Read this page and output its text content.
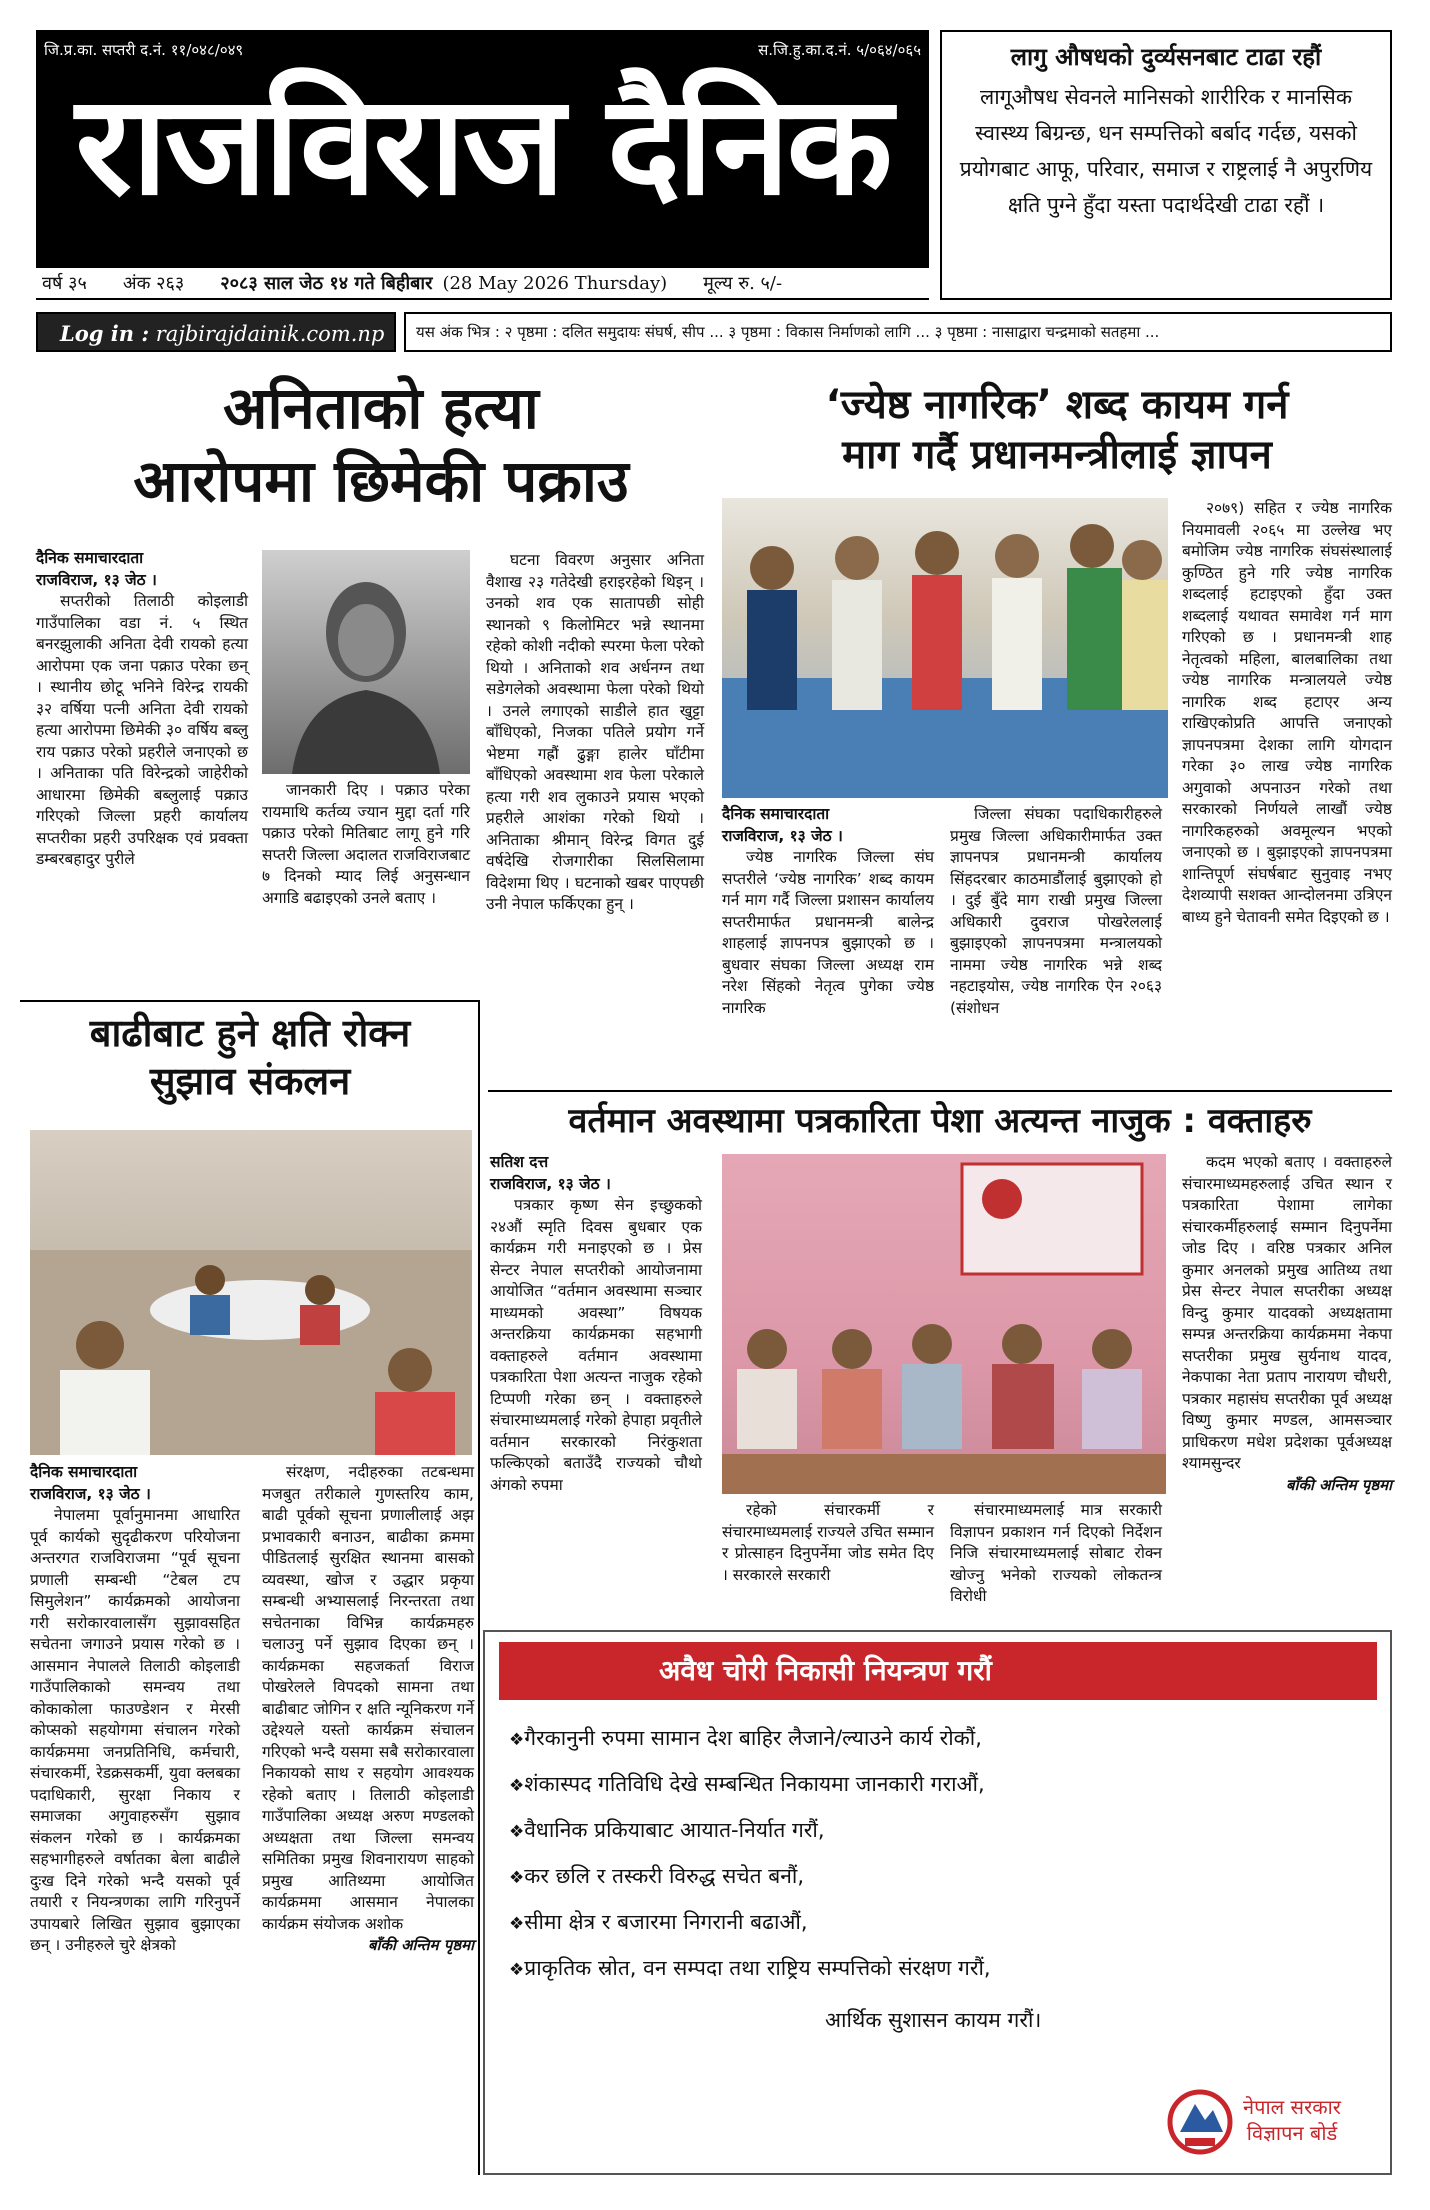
जि.प्र.का. सप्तरी द.नं. ११/०४८/०४९	स.जि.हु.का.द.नं. ५/०६४/०६५
राजविराज दैनिक
वर्ष ३५ अंक २६३ २०८३ साल जेठ १४ गते बिहीबार (28 May 2026 Thursday) मूल्य रु. ५/-
लागु औषधको दुर्व्यसनबाट टाढा रहौं

लागूऔषध सेवनले मानिसको शारीरिक र मानसिक स्वास्थ्य बिग्रन्छ, धन सम्पत्तिको बर्बाद गर्दछ, यसको प्रयोगबाट आफू, परिवार, समाज र राष्ट्रलाई नै अपुरणिय क्षति पुग्ने हुँदा यस्ता पदार्थदेखी टाढा रहौं ।

Log in : rajbirajdainik.com.np	यस अंक भित्र : २ पृष्ठमा : दलित समुदायः संघर्ष, सीप ... ३ पृष्ठमा : विकास निर्माणको लागि ... ३ पृष्ठमा : नासाद्वारा चन्द्रमाको सतहमा ...

अनिताको हत्या

आरोपमा छिमेकी पक्राउ

दैनिक समाचारदाता

राजविराज, १३ जेठ ।

सप्तरीको तिलाठी कोइलाडी गाउँपालिका वडा नं. ५ स्थित बनरझुलाकी अनिता देवी रायको हत्या आरोपमा एक जना पक्राउ परेका छन् । स्थानीय छोटू भनिने विरेन्द्र रायकी ३२ वर्षिया पत्नी अनिता देवी रायको हत्या आरोपमा छिमेकी ३० वर्षिय बब्लु राय पक्राउ परेको प्रहरीले जनाएको छ । अनिताका पति विरेन्द्रको जाहेरीको आधारमा छिमेकी बब्लुलाई पक्राउ गरिएको जिल्ला प्रहरी कार्यालय सप्तरीका प्रहरी उपरिक्षक एवं प्रवक्ता डम्बरबहादुर पुरीले

जानकारी दिए । पक्राउ परेका रायमाथि कर्तव्य ज्यान मुद्दा दर्ता गरि पक्राउ परेको मितिबाट लागू हुने गरि सप्तरी जिल्ला अदालत राजविराजबाट ७ दिनको म्याद लिई अनुसन्धान अगाडि बढाइएको उनले बताए ।

घटना विवरण अनुसार अनिता वैशाख २३ गतेदेखी हराइरहेको थिइन् । उनको शव एक सातापछी सोही स्थानको ९ किलोमिटर भन्ने स्थानमा रहेको कोशी नदीको स्परमा फेला परेको थियो । अनिताको शव अर्धनग्न तथा सडेगलेको अवस्थामा फेला परेको थियो । उनले लगाएको साडीले हात खुट्टा बाँधिएको, निजका पतिले प्रयोग गर्ने भेष्टमा गह्रौं ढुङ्गा हालेर घाँटीमा बाँधिएको अवस्थामा शव फेला परेकाले हत्या गरी शव लुकाउने प्रयास भएको प्रहरीले आशंका गरेको थियो । अनिताका श्रीमान् विरेन्द्र विगत दुई वर्षदेखि रोजगारीका सिलसिलामा विदेशमा थिए । घटनाको खबर पाएपछी उनी नेपाल फर्किएका हुन् ।

‘ज्येष्ठ नागरिक’ शब्द कायम गर्न

माग गर्दै प्रधानमन्त्रीलाई ज्ञापन

दैनिक समाचारदाता

राजविराज, १३ जेठ ।

ज्येष्ठ नागरिक जिल्ला संघ सप्तरीले ‘ज्येष्ठ नागरिक’ शब्द कायम गर्न माग गर्दै जिल्ला प्रशासन कार्यालय सप्तरीमार्फत प्रधानमन्त्री बालेन्द्र शाहलाई ज्ञापनपत्र बुझाएको छ । बुधवार संघका जिल्ला अध्यक्ष राम नरेश सिंहको नेतृत्व पुगेका ज्येष्ठ नागरिक

जिल्ला संघका पदाधिकारीहरुले प्रमुख जिल्ला अधिकारीमार्फत उक्त ज्ञापनपत्र प्रधानमन्त्री कार्यालय सिंहदरबार काठमाडौंलाई बुझाएको हो । दुई बुँदे माग राखी प्रमुख जिल्ला अधिकारी दुवराज पोखरेललाई बुझाइएको ज्ञापनपत्रमा मन्त्रालयको नाममा ज्येष्ठ नागरिक भन्ने शब्द नहटाइयोस, ज्येष्ठ नागरिक ऐन २०६३ (संशोधन

२०७९) सहित र ज्येष्ठ नागरिक नियमावली २०६५ मा उल्लेख भए बमोजिम ज्येष्ठ नागरिक संघसंस्थालाई कुण्ठित हुने गरि ज्येष्ठ नागरिक शब्दलाई हटाइएको हुँदा उक्त शब्दलाई यथावत समावेश गर्न माग गरिएको छ । प्रधानमन्त्री शाह नेतृत्वको महिला, बालबालिका तथा ज्येष्ठ नागरिक मन्त्रालयले ज्येष्ठ नागरिक शब्द हटाएर अन्य राखिएकोप्रति आपत्ति जनाएको ज्ञापनपत्रमा देशका लागि योगदान गरेका ३० लाख ज्येष्ठ नागरिक अगुवाको अपनाउन गरेको तथा सरकारको निर्णयले लाखौं ज्येष्ठ नागरिकहरुको अवमूल्यन भएको जनाएको छ । बुझाइएको ज्ञापनपत्रमा शान्तिपूर्ण संघर्षबाट सुनुवाइ नभए देशव्यापी सशक्त आन्दोलनमा उत्रिएन बाध्य हुने चेतावनी समेत दिइएको छ ।

बाढीबाट हुने क्षति रोक्न

सुझाव संकलन

दैनिक समाचारदाता

राजविराज, १३ जेठ ।

नेपालमा पूर्वानुमानमा आधारित पूर्व कार्यको सुदृढीकरण परियोजना अन्तरगत राजविराजमा “पूर्व सूचना प्रणाली सम्बन्धी “टेबल टप सिमुलेशन” कार्यक्रमको आयोजना गरी सरोकारवालासँग सुझावसहित सचेतना जगाउने प्रयास गरेको छ । आसमान नेपालले तिलाठी कोइलाडी गाउँपालिकाको समन्वय तथा कोकाकोला फाउण्डेशन र मेरसी कोप्सको सहयोगमा संचालन गरेको कार्यक्रममा जनप्रतिनिधि, कर्मचारी, संचारकर्मी, रेडक्रसकर्मी, युवा क्लबका पदाधिकारी, सुरक्षा निकाय र समाजका अगुवाहरुसँग सुझाव संकलन गरेको छ । कार्यक्रमका सहभागीहरुले वर्षातका बेला बाढीले दुःख दिने गरेको भन्दै यसको पूर्व तयारी र नियन्त्रणका लागि गरिनुपर्ने उपायबारे लिखित सुझाव बुझाएका छन् । उनीहरुले चुरे क्षेत्रको

संरक्षण, नदीहरुका तटबन्धमा मजबुत तरीकाले गुणस्तरिय काम, बाढी पूर्वको सूचना प्रणालीलाई अझ प्रभावकारी बनाउन, बाढीका क्रममा पीडितलाई सुरक्षित स्थानमा बासको व्यवस्था, खोज र उद्धार प्रकृया सम्बन्धी अभ्यासलाई निरन्तरता तथा सचेतनाका विभिन्न कार्यक्रमहरु चलाउनु पर्ने सुझाव दिएका छन् । कार्यक्रमका सहजकर्ता विराज पोखरेलले विपदको सामना तथा बाढीबाट जोगिन र क्षति न्यूनिकरण गर्ने उद्देश्यले यस्तो कार्यक्रम संचालन गरिएको भन्दै यसमा सबै सरोकारवाला निकायको साथ र सहयोग आवश्यक रहेको बताए । तिलाठी कोइलाडी गाउँपालिका अध्यक्ष अरुण मण्डलको अध्यक्षता तथा जिल्ला समन्वय समितिका प्रमुख शिवनारायण साहको प्रमुख आतिथ्यमा आयोजित कार्यक्रममा आसमान नेपालका कार्यक्रम संयोजक अशोक

बाँकी अन्तिम पृष्ठमा

वर्तमान अवस्थामा पत्रकारिता पेशा अत्यन्त नाजुक : वक्ताहरु

सतिश दत्त

राजविराज, १३ जेठ ।

पत्रकार कृष्ण सेन इच्छुकको २४औं स्मृति दिवस बुधबार एक कार्यक्रम गरी मनाइएको छ । प्रेस सेन्टर नेपाल सप्तरीको आयोजनामा आयोजित “वर्तमान अवस्थामा सञ्चार माध्यमको अवस्था” विषयक अन्तरक्रिया कार्यक्रमका सहभागी वक्ताहरुले वर्तमान अवस्थामा पत्रकारिता पेशा अत्यन्त नाजुक रहेको टिप्पणी गरेका छन् । वक्ताहरुले संचारमाध्यमलाई गरेको हेपाहा प्रवृतीले वर्तमान सरकारको निरंकुशता फल्किएको बताउँदै राज्यको चौथो अंगको रुपमा

रहेको संचारकर्मी र संचारमाध्यमलाई राज्यले उचित सम्मान र प्रोत्साहन दिनुपर्नेमा जोड समेत दिए । सरकारले सरकारी

संचारमाध्यमलाई मात्र सरकारी विज्ञापन प्रकाशन गर्न दिएको निर्देशन निजि संचारमाध्यमलाई सोबाट रोक्न खोज्नु भनेको राज्यको लोकतन्त्र विरोधी

कदम भएको बताए । वक्ताहरुले संचारमाध्यमहरुलाई उचित स्थान र पत्रकारिता पेशामा लागेका संचारकर्मीहरुलाई सम्मान दिनुपर्नेमा जोड दिए । वरिष्ठ पत्रकार अनिल कुमार अनलको प्रमुख आतिथ्य तथा प्रेस सेन्टर नेपाल सप्तरीका अध्यक्ष विन्दु कुमार यादवको अध्यक्षतामा सम्पन्न अन्तरक्रिया कार्यक्रममा नेकपा सप्तरीका प्रमुख सुर्यनाथ यादव, नेकपाका नेता प्रताप नारायण चौधरी, पत्रकार महासंघ सप्तरीका पूर्व अध्यक्ष विष्णु कुमार मण्डल, आमसञ्चार प्राधिकरण मधेश प्रदेशका पूर्वअध्यक्ष श्यामसुन्दर

बाँकी अन्तिम पृष्ठमा
अवैध चोरी निकासी नियन्त्रण गरौं
❖ गैरकानुनी रुपमा सामान देश बाहिर लैजाने/ल्याउने कार्य रोकौं,
❖ शंकास्पद गतिविधि देखे सम्बन्धित निकायमा जानकारी गराऔं,
❖ वैधानिक प्रकियाबाट आयात-निर्यात गरौं,
❖ कर छलि र तस्करी विरुद्ध सचेत बनौं,
❖ सीमा क्षेत्र र बजारमा निगरानी बढाऔं,
❖ प्राकृतिक स्रोत, वन सम्पदा तथा राष्ट्रिय सम्पत्तिको संरक्षण गरौं,
आर्थिक सुशासन कायम गरौं।
नेपाल सरकार
विज्ञापन बोर्ड
